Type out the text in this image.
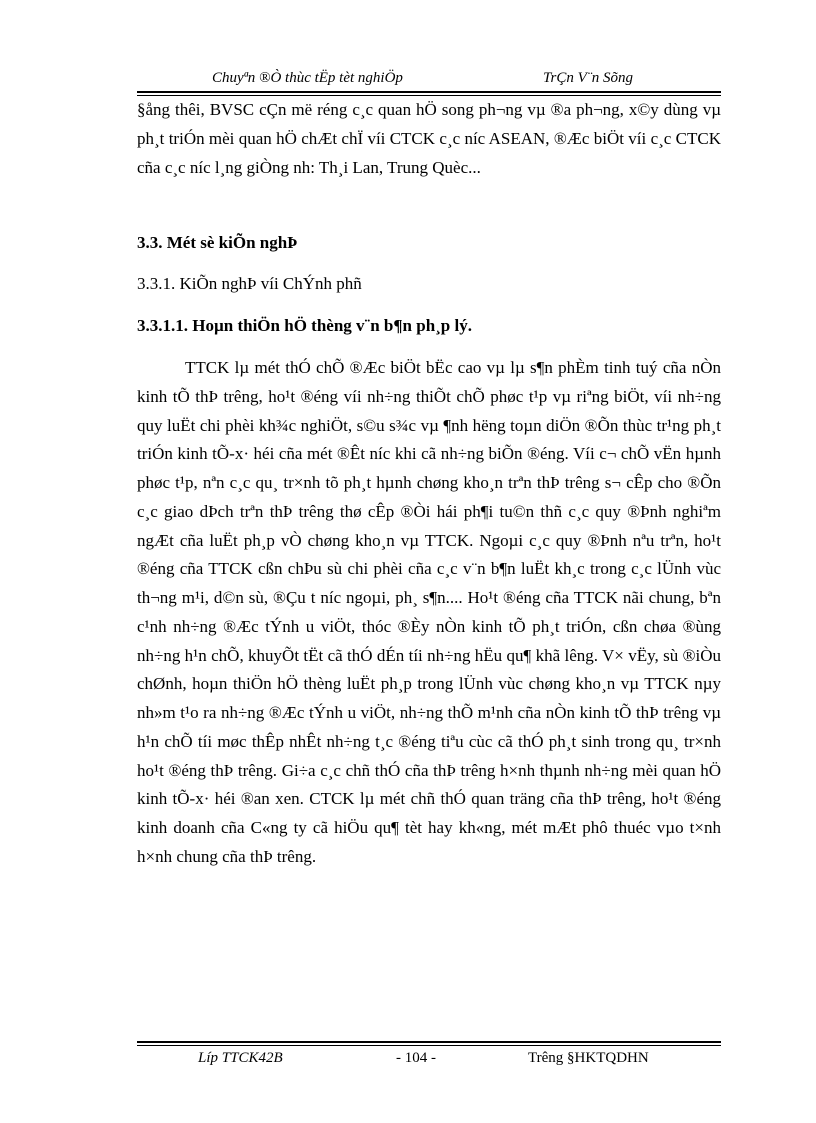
Chuyªn ®Ò thùc tËp tèt nghiÖp	TrÇn V¨n Sõng

§ång thêi, BVSC cÇn më réng c¸c quan hÖ song ph¬ng vµ ®a ph¬ng, x©y dùng vµ ph¸t triÓn mèi quan hÖ chÆt chÏ víi CTCK c¸c níc ASEAN, ®Æc biÖt víi c¸c CTCK cña c¸c níc l¸ng giÒng nh: Th¸i Lan, Trung Quèc...

3.3. Mét sè kiÕn nghÞ
3.3.1. KiÕn nghÞ víi ChÝnh phñ
3.3.1.1. Hoµn thiÖn hÖ thèng v¨n b¶n ph¸p lý.

TTCK lµ mét thÓ chÕ ®Æc biÖt bËc cao vµ lµ s¶n phÈm tinh tuý cña nÒn kinh tÕ thÞ trêng, ho¹t ®éng víi nh÷ng thiÕt chÕ phøc t¹p vµ riªng biÖt, víi nh÷ng quy luËt chi phèi kh¾c nghiÖt, s©u s¾c vµ ¶nh hëng toµn diÖn ®Õn thùc tr¹ng ph¸t triÓn kinh tÕ-x· héi cña mét ®Êt níc khi cã nh÷ng biÕn ®éng. Víi c¬ chÕ vËn hµnh phøc t¹p, nªn c¸c qu¸ tr×nh tõ ph¸t hµnh chøng kho¸n trªn thÞ trêng s¬ cÊp cho ®Õn c¸c giao dÞch trªn thÞ trêng thø cÊp ®Òi hái ph¶i tu©n thñ c¸c quy ®Þnh nghiªm ngÆt cña luËt ph¸p vÒ chøng kho¸n vµ TTCK. Ngoµi c¸c quy ®Þnh nªu trªn, ho¹t ®éng cña TTCK cßn chÞu sù chi phèi cña c¸c v¨n b¶n luËt kh¸c trong c¸c lÜnh vùc th¬ng m¹i, d©n sù, ®Çu t níc ngoµi, ph¸ s¶n.... Ho¹t ®éng cña TTCK nãi chung, bªn c¹nh nh÷ng ®Æc tÝnh u viÖt, thóc ®Èy nÒn kinh tÕ ph¸t triÓn, cßn chøa ®ùng nh÷ng h¹n chÕ, khuyÕt tËt cã thÓ dÉn tíi nh÷ng hËu qu¶ khã lêng. V× vËy, sù ®iÒu chØnh, hoµn thiÖn hÖ thèng luËt ph¸p trong lÜnh vùc chøng kho¸n vµ TTCK nµy nh»m t¹o ra nh÷ng ®Æc tÝnh u viÖt, nh÷ng thÕ m¹nh cña nÒn kinh tÕ thÞ trêng vµ h¹n chÕ tíi møc thÊp nhÊt nh÷ng t¸c ®éng tiªu cùc cã thÓ ph¸t sinh trong qu¸ tr×nh ho¹t ®éng thÞ trêng. Gi÷a c¸c chñ thÓ cña thÞ trêng h×nh thµnh nh÷ng mèi quan hÖ kinh tÕ-x· héi ®an xen. CTCK lµ mét chñ thÓ quan träng cña thÞ trêng, ho¹t ®éng kinh doanh cña C«ng ty cã hiÖu qu¶ tèt hay kh«ng, mét mÆt phô thuéc vµo t×nh h×nh chung cña thÞ trêng.

Líp TTCK42B	- 104 -	Trêng §HKTQDHN
